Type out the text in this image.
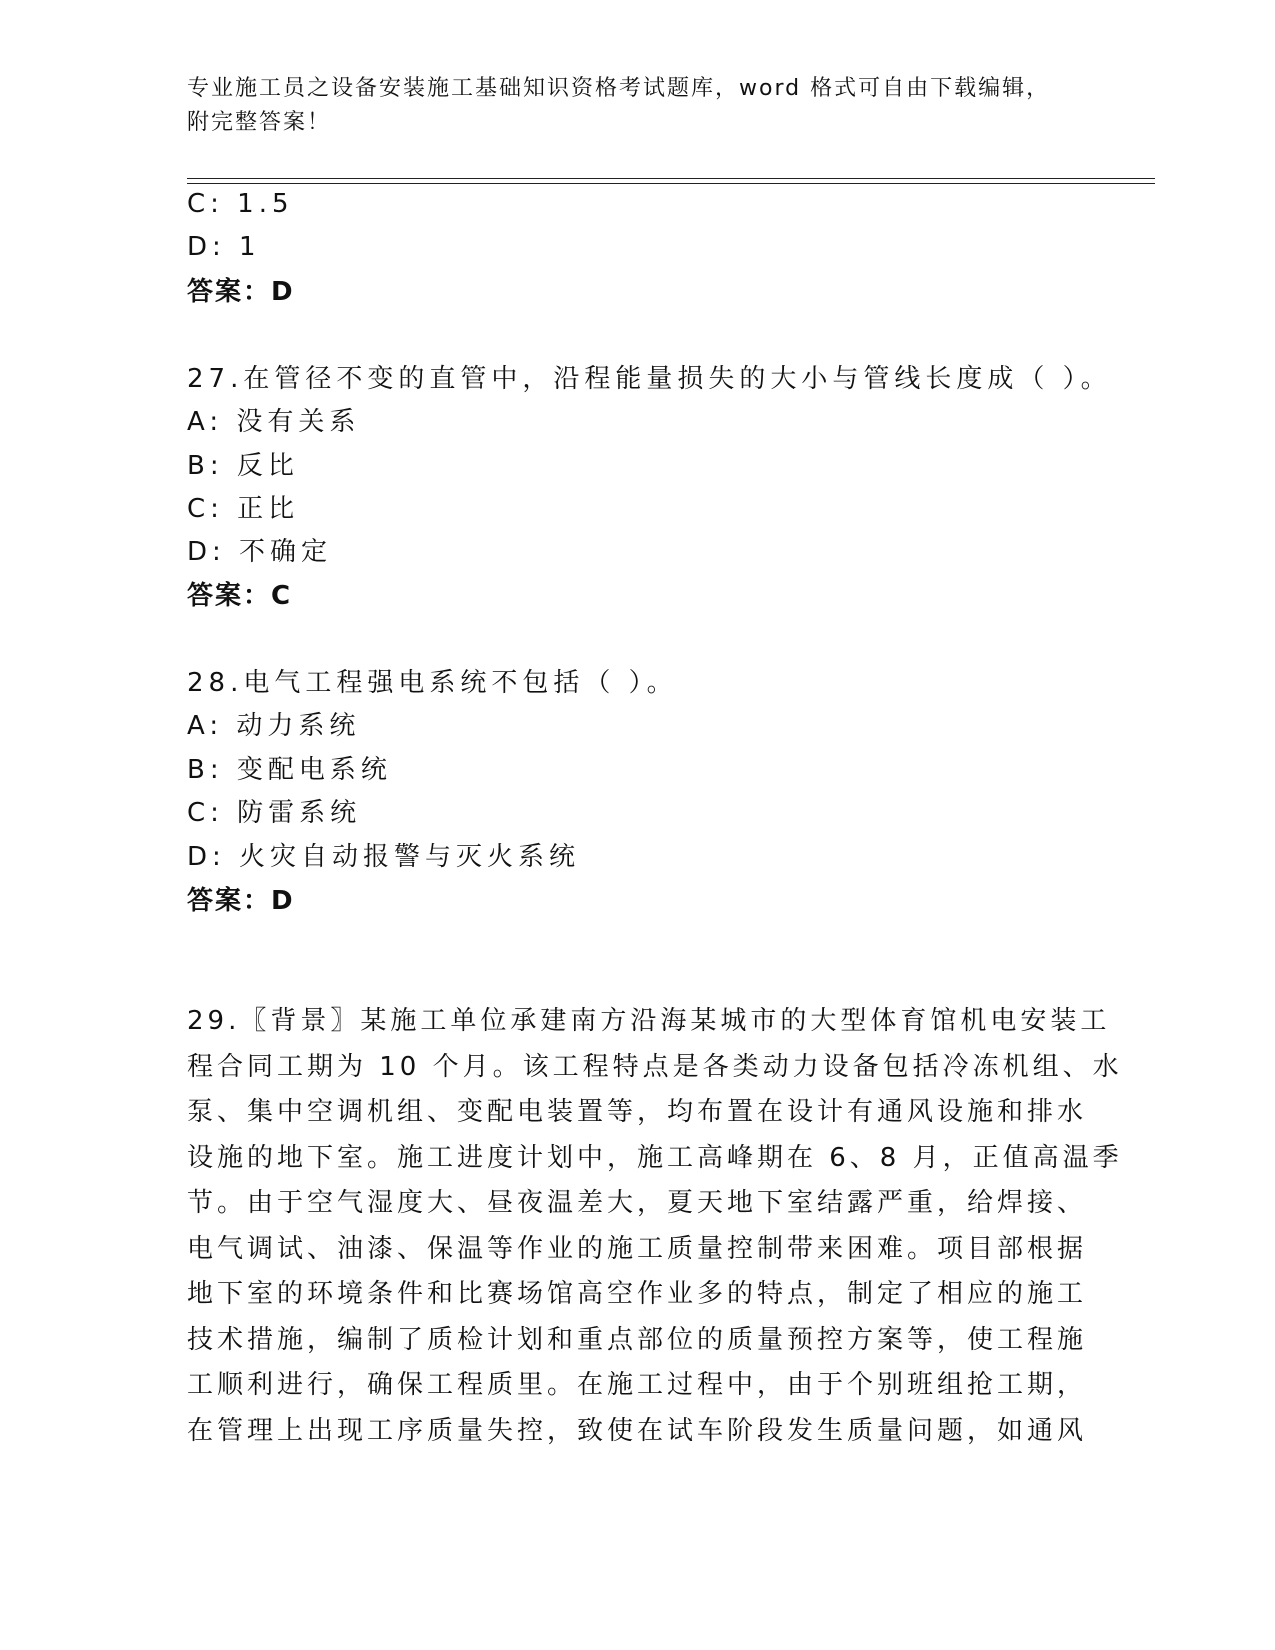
专业施工员之设备安装施工基础知识资格考试题库，word 格式可自由下载编辑，
附完整答案！
C: 1.5
D: 1
答案：D
27.在管径不变的直管中，沿程能量损失的大小与管线长度成（ ）。
A: 没有关系
B: 反比
C: 正比
D: 不确定
答案：C
28.电气工程强电系统不包括（ ）。
A: 动力系统
B: 变配电系统
C: 防雷系统
D: 火灾自动报警与灭火系统
答案：D
29.〖背景〗某施工单位承建南方沿海某城市的大型体育馆机电安装工
程合同工期为 10 个月。该工程特点是各类动力设备包括冷冻机组、水
泵、集中空调机组、变配电装置等，均布置在设计有通风设施和排水
设施的地下室。施工进度计划中，施工高峰期在 6、8 月，正值高温季
节。由于空气湿度大、昼夜温差大，夏天地下室结露严重，给焊接、
电气调试、油漆、保温等作业的施工质量控制带来困难。项目部根据
地下室的环境条件和比赛场馆高空作业多的特点，制定了相应的施工
技术措施，编制了质检计划和重点部位的质量预控方案等，使工程施
工顺利进行，确保工程质里。在施工过程中，由于个别班组抢工期，
在管理上出现工序质量失控，致使在试车阶段发生质量问题，如通风
